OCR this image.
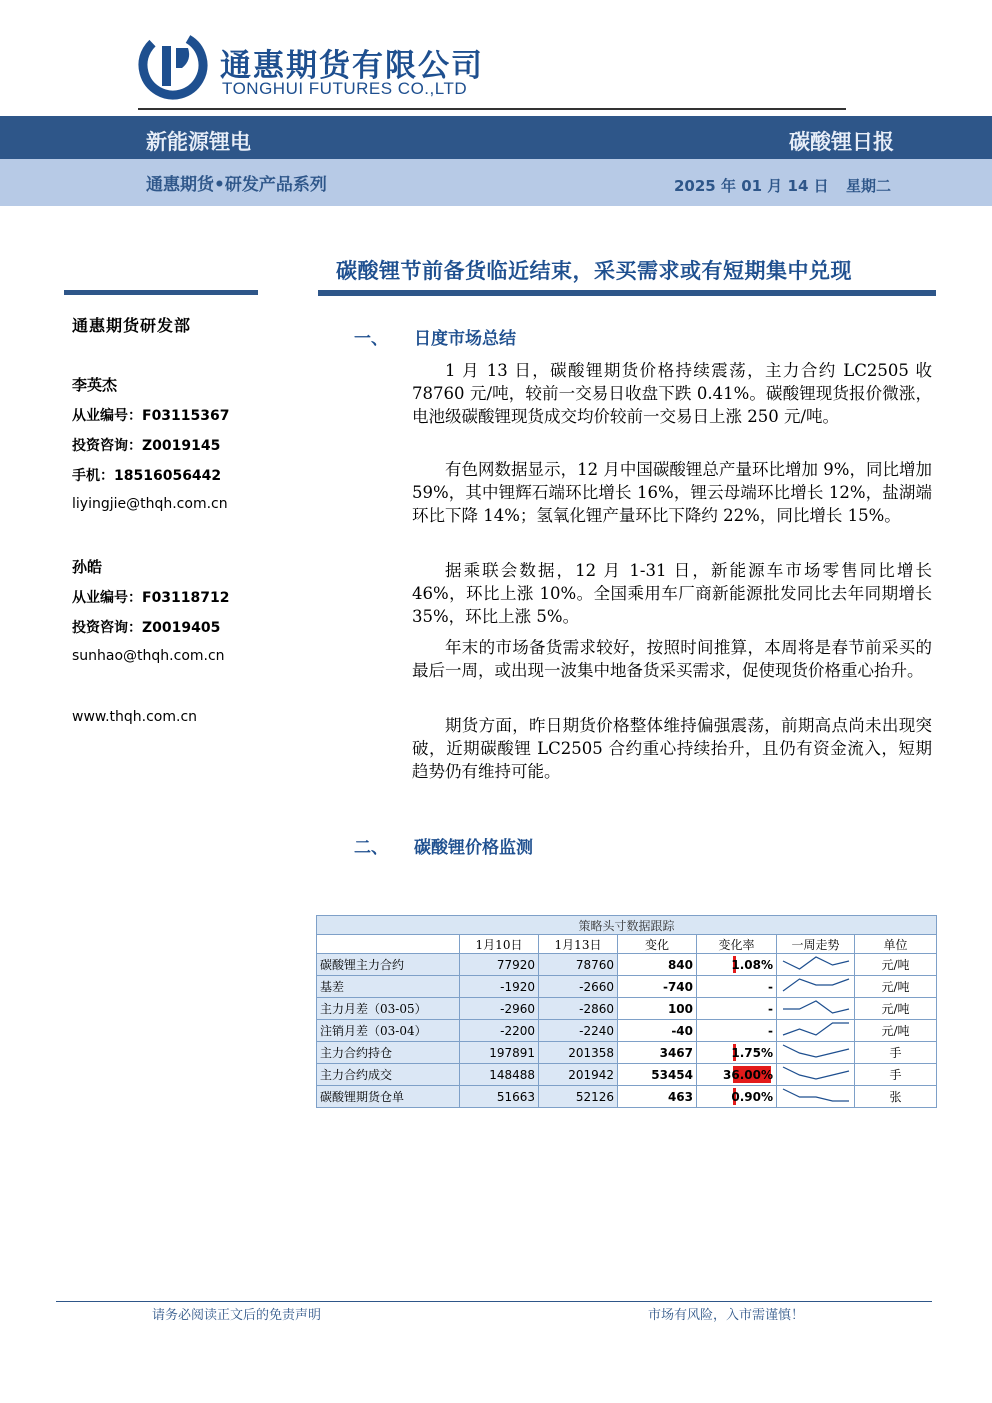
通惠期货有限公司
TONGHUI FUTURES CO.,LTD
新能源锂电	碳酸锂日报
通惠期货•研发产品系列	2025 年 01 月 14 日 星期二
碳酸锂节前备货临近结束，采买需求或有短期集中兑现
通惠期货研发部
李英杰
从业编号：F03115367
投资咨询：Z0019145
手机：18516056442
liyingjie@thqh.com.cn
孙皓
从业编号：F03118712
投资咨询：Z0019405
sunhao@thqh.com.cn
www.thqh.com.cn
一、 日度市场总结
1 月 13 日，碳酸锂期货价格持续震荡，主力合约 LC2505 收 78760 元/吨，较前一交易日收盘下跌 0.41%。碳酸锂现货报价微涨，电池级碳酸锂现货成交均价较前一交易日上涨 250 元/吨。
有色网数据显示，12 月中国碳酸锂总产量环比增加 9%，同比增加 59%，其中锂辉石端环比增长 16%，锂云母端环比增长 12%，盐湖端环比下降 14%；氢氧化锂产量环比下降约 22%，同比增长 15%。
据乘联会数据，12 月 1-31 日，新能源车市场零售同比增长 46%，环比上涨 10%。全国乘用车厂商新能源批发同比去年同期增长 35%，环比上涨 5%。
年末的市场备货需求较好，按照时间推算，本周将是春节前采买的最后一周，或出现一波集中地备货采买需求，促使现货价格重心抬升。
期货方面，昨日期货价格整体维持偏强震荡，前期高点尚未出现突破，近期碳酸锂 LC2505 合约重心持续抬升，且仍有资金流入，短期趋势仍有维持可能。
二、 碳酸锂价格监测
策略头寸数据跟踪						
	1月10日	1月13日	变化	变化率	一周走势	单位
碳酸锂主力合约	77920	78760	840	1.08%		元/吨
基差	-1920	-2660	-740	-		元/吨
主力月差（03-05）	-2960	-2860	100	-		元/吨
注销月差（03-04）	-2200	-2240	-40	-		元/吨
主力合约持仓	197891	201358	3467	1.75%		手
主力合约成交	148488	201942	53454	36.00%		手
碳酸锂期货仓单	51663	52126	463	0.90%		张
请务必阅读正文后的免责声明	市场有风险，入市需谨慎！
